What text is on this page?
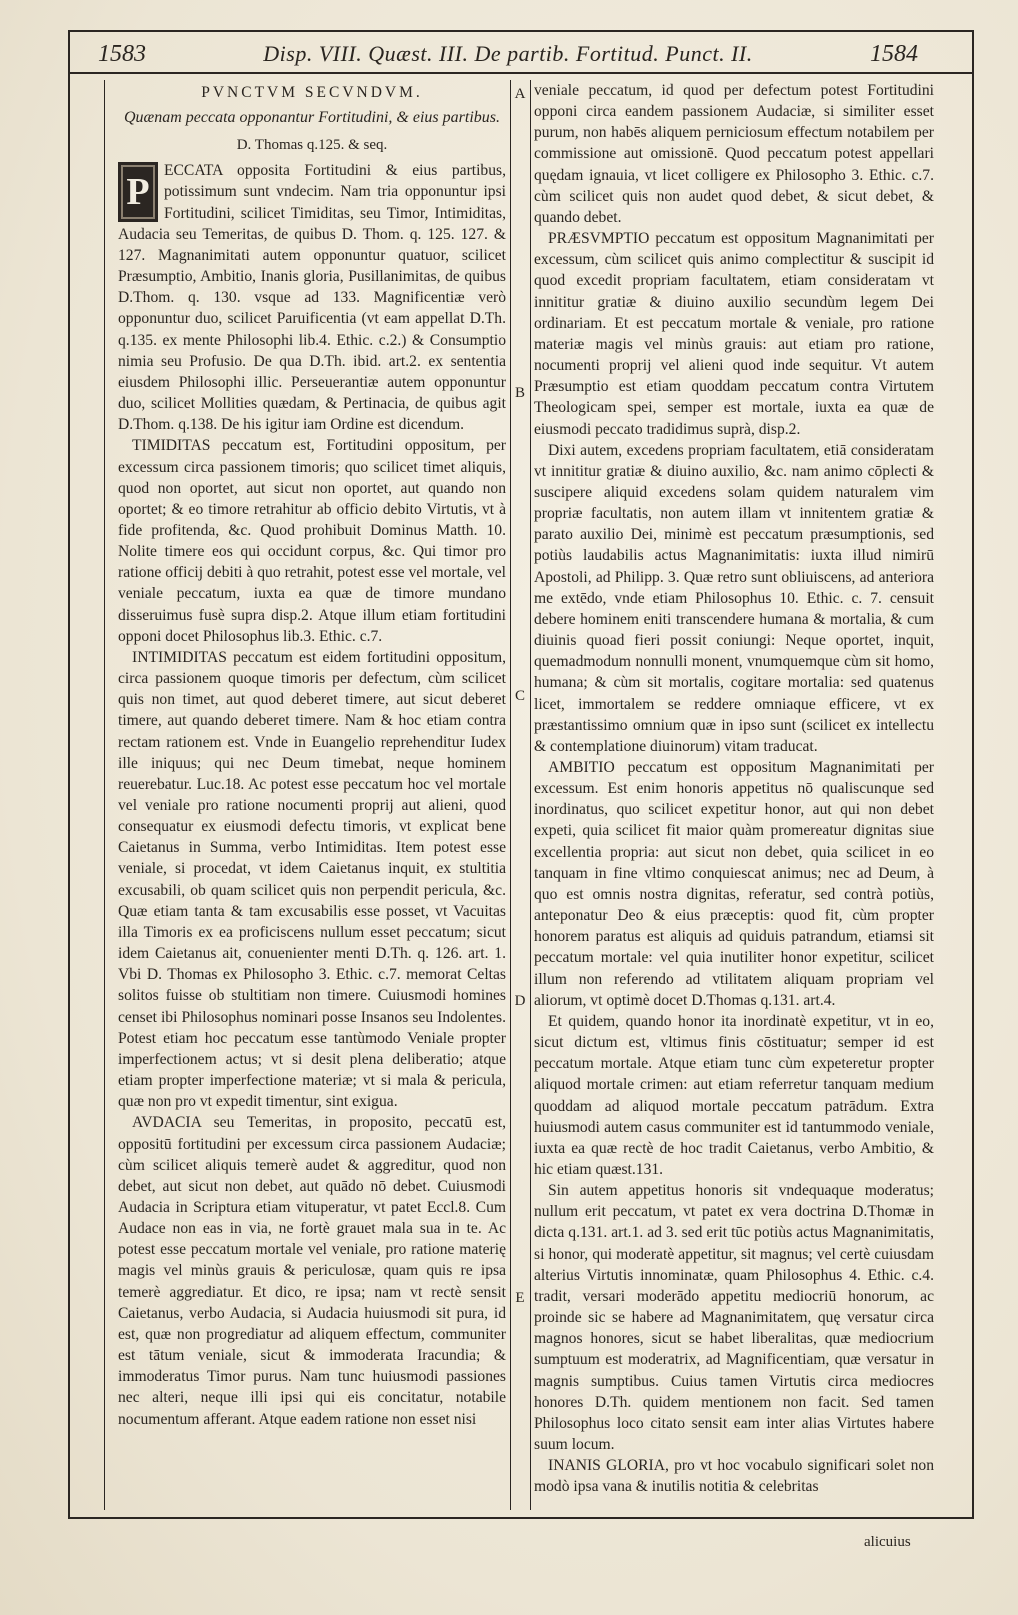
1583	Disp. VIII. Quæst. III. De partib. Fortitud. Punct. II.	1584
A
B
C
D
E
PVNCTVM SECVNDVM.
Quænam peccata opponantur Fortitudini, & eius partibus.
D. Thomas q.125. & seq.
P

ECCATA opposita Fortitudini & eius partibus, potissimum sunt vndecim. Nam tria opponuntur ipsi Fortitudini, scilicet Timiditas, seu Timor, Intimiditas, Audacia seu Temeritas, de quibus D. Thom. q. 125. 127. & 127. Magnanimitati autem opponuntur quatuor, scilicet Præsumptio, Ambitio, Inanis gloria, Pusillanimitas, de quibus D.Thom. q. 130. vsque ad 133. Magnificentiæ verò opponuntur duo, scilicet Paruificentia (vt eam appellat D.Th. q.135. ex mente Philosophi lib.4. Ethic. c.2.) & Consumptio nimia seu Profusio. De qua D.Th. ibid. art.2. ex sententia eiusdem Philosophi illic. Perseuerantiæ autem opponuntur duo, scilicet Mollities quædam, & Pertinacia, de quibus agit D.Thom. q.138. De his igitur iam Ordine est dicendum.

TIMIDITAS peccatum est, Fortitudini oppositum, per excessum circa passionem timoris; quo scilicet timet aliquis, quod non oportet, aut sicut non oportet, aut quando non oportet; & eo timore retrahitur ab officio debito Virtutis, vt à fide profitenda, &c. Quod prohibuit Dominus Matth. 10. Nolite timere eos qui occidunt corpus, &c. Qui timor pro ratione officij debiti à quo retrahit, potest esse vel mortale, vel veniale peccatum, iuxta ea quæ de timore mundano disseruimus fusè supra disp.2. Atque illum etiam fortitudini opponi docet Philosophus lib.3. Ethic. c.7.

INTIMIDITAS peccatum est eidem fortitudini oppositum, circa passionem quoque timoris per defectum, cùm scilicet quis non timet, aut quod deberet timere, aut sicut deberet timere, aut quando deberet timere. Nam & hoc etiam contra rectam rationem est. Vnde in Euangelio reprehenditur Iudex ille iniquus; qui nec Deum timebat, neque hominem reuerebatur. Luc.18. Ac potest esse peccatum hoc vel mortale vel veniale pro ratione nocumenti proprij aut alieni, quod consequatur ex eiusmodi defectu timoris, vt explicat bene Caietanus in Summa, verbo Intimiditas. Item potest esse veniale, si procedat, vt idem Caietanus inquit, ex stultitia excusabili, ob quam scilicet quis non perpendit pericula, &c. Quæ etiam tanta & tam excusabilis esse posset, vt Vacuitas illa Timoris ex ea proficiscens nullum esset peccatum; sicut idem Caietanus ait, conuenienter menti D.Th. q. 126. art. 1. Vbi D. Thomas ex Philosopho 3. Ethic. c.7. memorat Celtas solitos fuisse ob stultitiam non timere. Cuiusmodi homines censet ibi Philosophus nominari posse Insanos seu Indolentes. Potest etiam hoc peccatum esse tantùmodo Veniale propter imperfectionem actus; vt si desit plena deliberatio; atque etiam propter imperfectione materiæ; vt si mala & pericula, quæ non pro vt expedit timentur, sint exigua.

AVDACIA seu Temeritas, in proposito, peccatū est, oppositū fortitudini per excessum circa passionem Audaciæ; cùm scilicet aliquis temerè audet & aggreditur, quod non debet, aut sicut non debet, aut quādo nō debet. Cuiusmodi Audacia in Scriptura etiam vituperatur, vt patet Eccl.8. Cum Audace non eas in via, ne fortè grauet mala sua in te. Ac potest esse peccatum mortale vel veniale, pro ratione materię magis vel minùs grauis & periculosæ, quam quis re ipsa temerè aggrediatur. Et dico, re ipsa; nam vt rectè sensit Caietanus, verbo Audacia, si Audacia huiusmodi sit pura, id est, quæ non progrediatur ad aliquem effectum, communiter est tātum veniale, sicut & immoderata Iracundia; & immoderatus Timor purus. Nam tunc huiusmodi passiones nec alteri, neque illi ipsi qui eis concitatur, notabile nocumentum afferant. Atque eadem ratione non esset nisi

veniale peccatum, id quod per defectum potest Fortitudini opponi circa eandem passionem Audaciæ, si similiter esset purum, non habēs aliquem perniciosum effectum notabilem per commissione aut omissionē. Quod peccatum potest appellari quędam ignauia, vt licet colligere ex Philosopho 3. Ethic. c.7. cùm scilicet quis non audet quod debet, & sicut debet, & quando debet.

PRÆSVMPTIO peccatum est oppositum Magnanimitati per excessum, cùm scilicet quis animo complectitur & suscipit id quod excedit propriam facultatem, etiam consideratam vt innititur gratiæ & diuino auxilio secundùm legem Dei ordinariam. Et est peccatum mortale & veniale, pro ratione materiæ magis vel minùs grauis: aut etiam pro ratione, nocumenti proprij vel alieni quod inde sequitur. Vt autem Præsumptio est etiam quoddam peccatum contra Virtutem Theologicam spei, semper est mortale, iuxta ea quæ de eiusmodi peccato tradidimus suprà, disp.2.

Dixi autem, excedens propriam facultatem, etiā consideratam vt innititur gratiæ & diuino auxilio, &c. nam animo cōplecti & suscipere aliquid excedens solam quidem naturalem vim propriæ facultatis, non autem illam vt innitentem gratiæ & parato auxilio Dei, minimè est peccatum præsumptionis, sed potiùs laudabilis actus Magnanimitatis: iuxta illud nimirū Apostoli, ad Philipp. 3. Quæ retro sunt obliuiscens, ad anteriora me extēdo, vnde etiam Philosophus 10. Ethic. c. 7. censuit debere hominem eniti transcendere humana & mortalia, & cum diuinis quoad fieri possit coniungi: Neque oportet, inquit, quemadmodum nonnulli monent, vnumquemque cùm sit homo, humana; & cùm sit mortalis, cogitare mortalia: sed quatenus licet, immortalem se reddere omniaque efficere, vt ex præstantissimo omnium quæ in ipso sunt (scilicet ex intellectu & contemplatione diuinorum) vitam traducat.

AMBITIO peccatum est oppositum Magnanimitati per excessum. Est enim honoris appetitus nō qualiscunque sed inordinatus, quo scilicet expetitur honor, aut qui non debet expeti, quia scilicet fit maior quàm promereatur dignitas siue excellentia propria: aut sicut non debet, quia scilicet in eo tanquam in fine vltimo conquiescat animus; nec ad Deum, à quo est omnis nostra dignitas, referatur, sed contrà potiùs, anteponatur Deo & eius præceptis: quod fit, cùm propter honorem paratus est aliquis ad quiduis patrandum, etiamsi sit peccatum mortale: vel quia inutiliter honor expetitur, scilicet illum non referendo ad vtilitatem aliquam propriam vel aliorum, vt optimè docet D.Thomas q.131. art.4.

Et quidem, quando honor ita inordinatè expetitur, vt in eo, sicut dictum est, vltimus finis cōstituatur; semper id est peccatum mortale. Atque etiam tunc cùm expeteretur propter aliquod mortale crimen: aut etiam referretur tanquam medium quoddam ad aliquod mortale peccatum patrādum. Extra huiusmodi autem casus communiter est id tantummodo veniale, iuxta ea quæ rectè de hoc tradit Caietanus, verbo Ambitio, & hic etiam quæst.131.

Sin autem appetitus honoris sit vndequaque moderatus; nullum erit peccatum, vt patet ex vera doctrina D.Thomæ in dicta q.131. art.1. ad 3. sed erit tūc potiùs actus Magnanimitatis, si honor, qui moderatè appetitur, sit magnus; vel certè cuiusdam alterius Virtutis innominatæ, quam Philosophus 4. Ethic. c.4. tradit, versari moderādo appetitu mediocriū honorum, ac proinde sic se habere ad Magnanimitatem, quę versatur circa magnos honores, sicut se habet liberalitas, quæ mediocrium sumptuum est moderatrix, ad Magnificentiam, quæ versatur in magnis sumptibus. Cuius tamen Virtutis circa mediocres honores D.Th. quidem mentionem non facit. Sed tamen Philosophus loco citato sensit eam inter alias Virtutes habere suum locum.

INANIS GLORIA, pro vt hoc vocabulo significari solet non modò ipsa vana & inutilis notitia & celebritas

alicuius
